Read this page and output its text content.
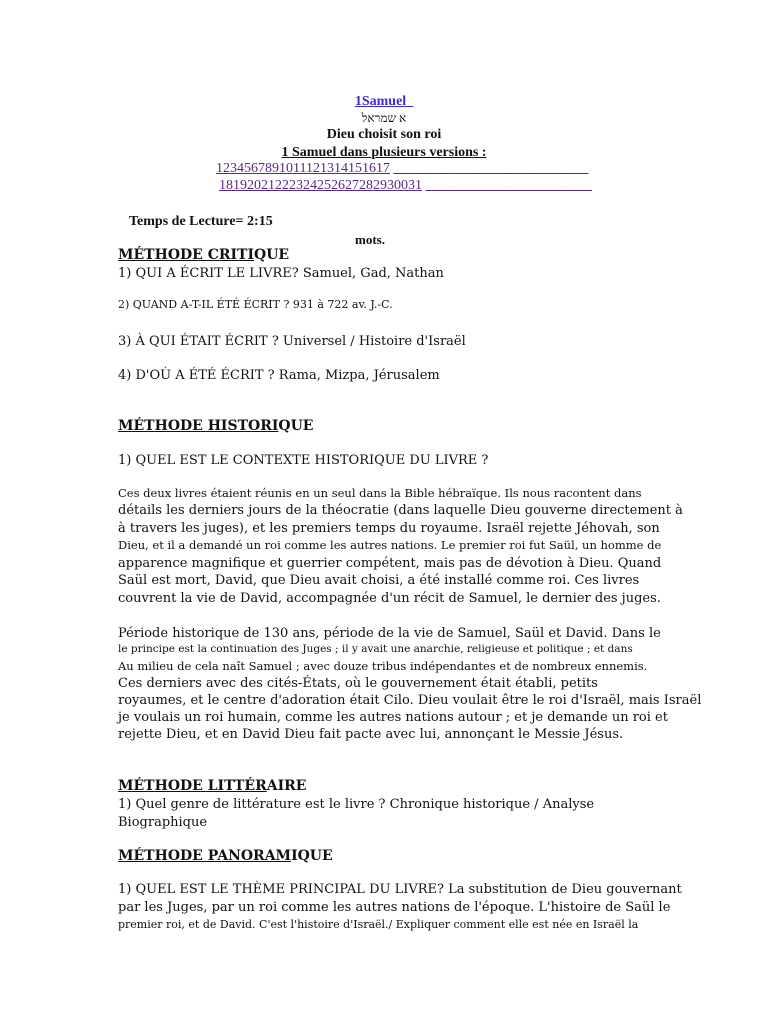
1Samuel
א שמראל
Dieu choisit son roi
1 Samuel dans plusieurs versions :
1234567891011121314151617 ___ ___ ___ ___ ___ ___ ___
18192021222324252627282930031 ___ ___ ___ ___ ___ ___
Temps de Lecture= 2:15
mots.
MÉTHODE CRITIQUE
1) QUI A ÉCRIT LE LIVRE? Samuel, Gad, Nathan
2) QUAND A-T-IL ÉTÉ ÉCRIT ? 931 à 722 av. J.-C.
3) À QUI ÉTAIT ÉCRIT ? Universel / Histoire d'Israël
4) D'OÙ A ÉTÉ ÉCRIT ? Rama, Mizpa, Jérusalem
MÉTHODE HISTORIQUE
1) QUEL EST LE CONTEXTE HISTORIQUE DU LIVRE ?
Ces deux livres étaient réunis en un seul dans la Bible hébraïque. Ils nous racontent dans
détails les derniers jours de la théocratie (dans laquelle Dieu gouverne directement à
à travers les juges), et les premiers temps du royaume. Israël rejette Jéhovah, son
Dieu, et il a demandé un roi comme les autres nations. Le premier roi fut Saül, un homme de
apparence magnifique et guerrier compétent, mais pas de dévotion à Dieu. Quand
Saül est mort, David, que Dieu avait choisi, a été installé comme roi. Ces livres
couvrent la vie de David, accompagnée d'un récit de Samuel, le dernier des juges.
Période historique de 130 ans, période de la vie de Samuel, Saül et David. Dans le
le principe est la continuation des Juges ; il y avait une anarchie, religieuse et politique ; et dans
Au milieu de cela naît Samuel ; avec douze tribus indépendantes et de nombreux ennemis.
Ces derniers avec des cités-États, où le gouvernement était établi, petits
royaumes, et le centre d'adoration était Cilo. Dieu voulait être le roi d'Israël, mais Israël
je voulais un roi humain, comme les autres nations autour ; et je demande un roi et
rejette Dieu, et en David Dieu fait pacte avec lui, annonçant le Messie Jésus.
MÉTHODE LITTÉRAIRE
1) Quel genre de littérature est le livre ? Chronique historique / Analyse
Biographique
MÉTHODE PANORAMIQUE
1) QUEL EST LE THÈME PRINCIPAL DU LIVRE? La substitution de Dieu gouvernant
par les Juges, par un roi comme les autres nations de l'époque. L'histoire de Saül le
premier roi, et de David. C'est l'histoire d'Israël./ Expliquer comment elle est née en Israël la
